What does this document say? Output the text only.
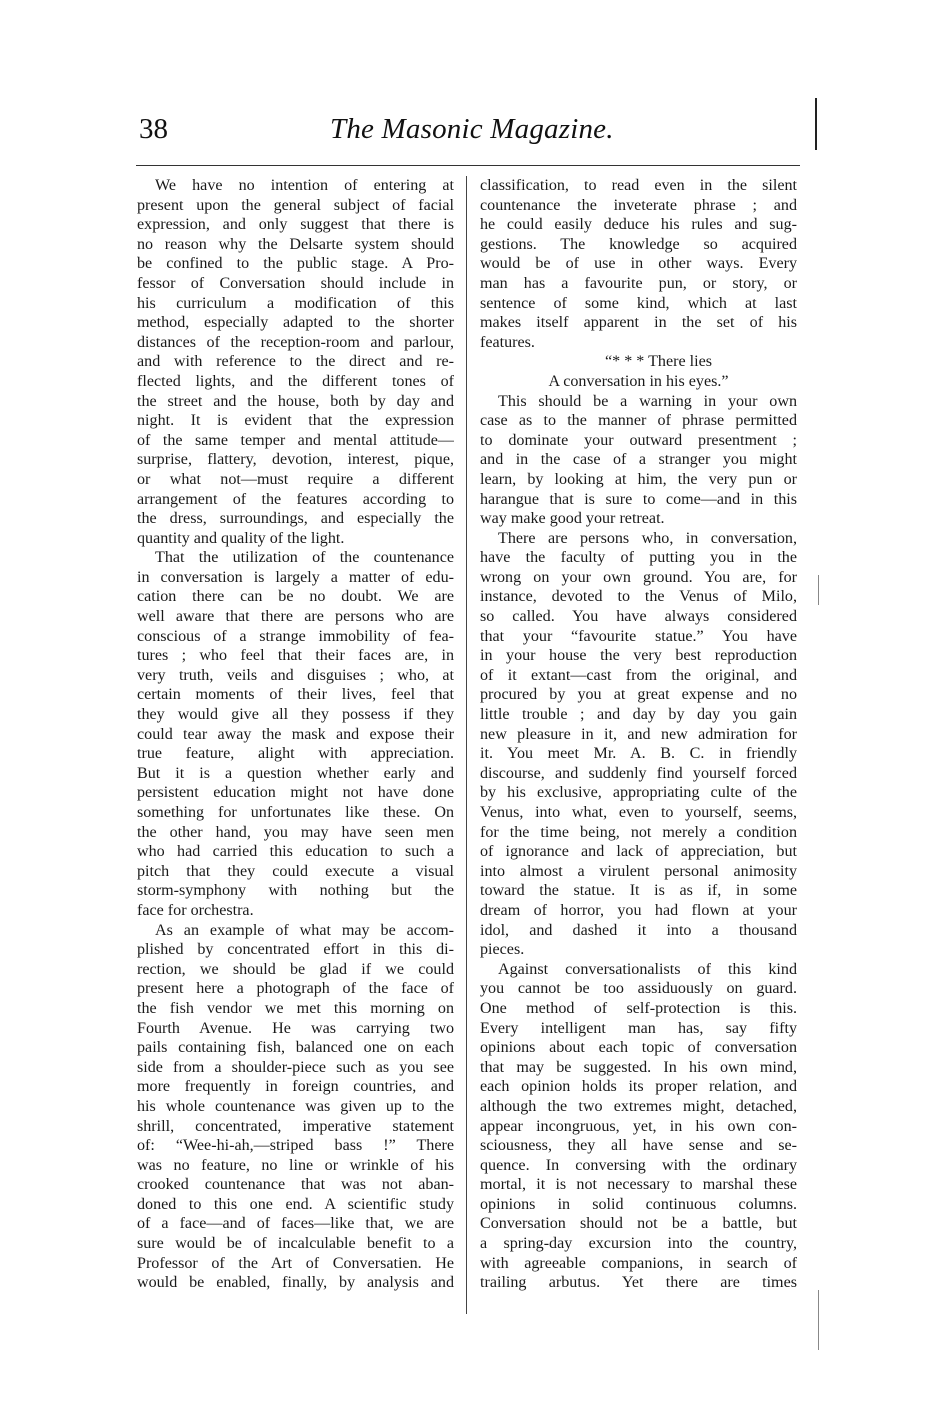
38	The Masonic Magazine.
We have no intention of entering at
present upon the general subject of facial
expression, and only suggest that there is
no reason why the Delsarte system should
be confined to the public stage. A Pro-
fessor of Conversation should include in
his curriculum a modification of this
method, especially adapted to the shorter
distances of the reception-room and parlour,
and with reference to the direct and re-
flected lights, and the different tones of
the street and the house, both by day and
night. It is evident that the expression
of the same temper and mental attitude—
surprise, flattery, devotion, interest, pique,
or what not—must require a different
arrangement of the features according to
the dress, surroundings, and especially the
quantity and quality of the light.
That the utilization of the countenance
in conversation is largely a matter of edu-
cation there can be no doubt. We are
well aware that there are persons who are
conscious of a strange immobility of fea-
tures ; who feel that their faces are, in
very truth, veils and disguises ; who, at
certain moments of their lives, feel that
they would give all they possess if they
could tear away the mask and expose their
true feature, alight with appreciation.
But it is a question whether early and
persistent education might not have done
something for unfortunates like these. On
the other hand, you may have seen men
who had carried this education to such a
pitch that they could execute a visual
storm-symphony with nothing but the
face for orchestra.
As an example of what may be accom-
plished by concentrated effort in this di-
rection, we should be glad if we could
present here a photograph of the face of
the fish vendor we met this morning on
Fourth Avenue. He was carrying two
pails containing fish, balanced one on each
side from a shoulder-piece such as you see
more frequently in foreign countries, and
his whole countenance was given up to the
shrill, concentrated, imperative statement
of: “Wee-hi-ah,—striped bass !” There
was no feature, no line or wrinkle of his
crooked countenance that was not aban-
doned to this one end. A scientific study
of a face—and of faces—like that, we are
sure would be of incalculable benefit to a
Professor of the Art of Conversatien. He
would be enabled, finally, by analysis and
classification, to read even in the silent
countenance the inveterate phrase ; and
he could easily deduce his rules and sug-
gestions. The knowledge so acquired
would be of use in other ways. Every
man has a favourite pun, or story, or
sentence of some kind, which at last
makes itself apparent in the set of his
features.
“* * * There lies
A conversation in his eyes.”
This should be a warning in your own
case as to the manner of phrase permitted
to dominate your outward presentment ;
and in the case of a stranger you might
learn, by looking at him, the very pun or
harangue that is sure to come—and in this
way make good your retreat.
There are persons who, in conversation,
have the faculty of putting you in the
wrong on your own ground. You are, for
instance, devoted to the Venus of Milo,
so called. You have always considered
that your “favourite statue.” You have
in your house the very best reproduction
of it extant—cast from the original, and
procured by you at great expense and no
little trouble ; and day by day you gain
new pleasure in it, and new admiration for
it. You meet Mr. A. B. C. in friendly
discourse, and suddenly find yourself forced
by his exclusive, appropriating culte of the
Venus, into what, even to yourself, seems,
for the time being, not merely a condition
of ignorance and lack of appreciation, but
into almost a virulent personal animosity
toward the statue. It is as if, in some
dream of horror, you had flown at your
idol, and dashed it into a thousand
pieces.
Against conversationalists of this kind
you cannot be too assiduously on guard.
One method of self-protection is this.
Every intelligent man has, say fifty
opinions about each topic of conversation
that may be suggested. In his own mind,
each opinion holds its proper relation, and
although the two extremes might, detached,
appear incongruous, yet, in his own con-
sciousness, they all have sense and se-
quence. In conversing with the ordinary
mortal, it is not necessary to marshal these
opinions in solid continuous columns.
Conversation should not be a battle, but
a spring-day excursion into the country,
with agreeable companions, in search of
trailing arbutus. Yet there are times
